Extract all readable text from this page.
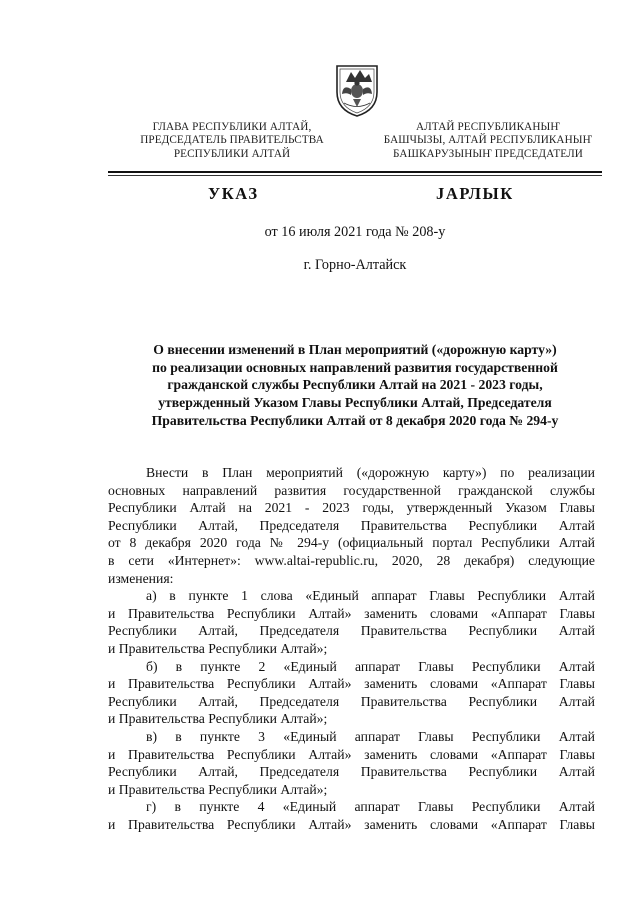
ГЛАВА РЕСПУБЛИКИ АЛТАЙ,
ПРЕДСЕДАТЕЛЬ ПРАВИТЕЛЬСТВА
РЕСПУБЛИКИ АЛТАЙ
АЛТАЙ РЕСПУБЛИКАНЫҤ
БАШЧЫЗЫ, АЛТАЙ РЕСПУБЛИКАНЫҤ
БАШКАРУЗЫНЫҤ ПРЕДСЕДАТЕЛИ
УКАЗ	ЈАРЛЫК
от 16 июля 2021 года № 208-у
г. Горно-Алтайск
О внесении изменений в План мероприятий («дорожную карту»)
по реализации основных направлений развития государственной
гражданской службы Республики Алтай на 2021 - 2023 годы,
утвержденный Указом Главы Республики Алтай, Председателя
Правительства Республики Алтай от 8 декабря 2020 года № 294-у
Внести в План мероприятий («дорожную карту») по реализации
основных направлений развития государственной гражданской службы
Республики Алтай на 2021 - 2023 годы, утвержденный Указом Главы
Республики Алтай, Председателя Правительства Республики Алтай
от 8 декабря 2020 года № 294-у (официальный портал Республики Алтай
в сети «Интернет»: www.altai-republic.ru, 2020, 28 декабря) следующие
изменения:
а) в пункте 1 слова «Единый аппарат Главы Республики Алтай
и Правительства Республики Алтай» заменить словами «Аппарат Главы
Республики Алтай, Председателя Правительства Республики Алтай
и Правительства Республики Алтай»;
б) в пункте 2 «Единый аппарат Главы Республики Алтай
и Правительства Республики Алтай» заменить словами «Аппарат Главы
Республики Алтай, Председателя Правительства Республики Алтай
и Правительства Республики Алтай»;
в) в пункте 3 «Единый аппарат Главы Республики Алтай
и Правительства Республики Алтай» заменить словами «Аппарат Главы
Республики Алтай, Председателя Правительства Республики Алтай
и Правительства Республики Алтай»;
г) в пункте 4 «Единый аппарат Главы Республики Алтай
и Правительства Республики Алтай» заменить словами «Аппарат Главы
